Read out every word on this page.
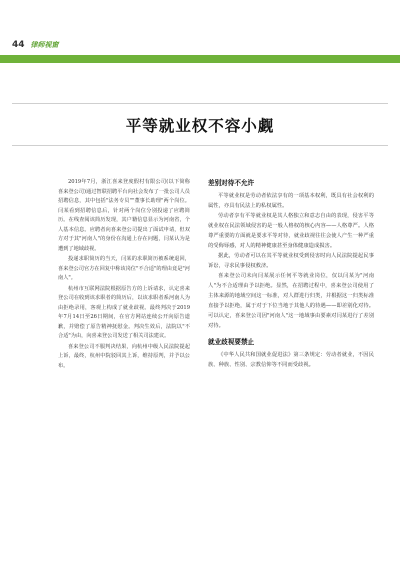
44 律师视窗
平等就业权不容小觑

2019年7月，浙江喜来登度假村有限公司(以下简称喜来登公司)通过智联招聘平台向社会发布了一批公司人员招聘信息，其中包括"法务专员""董事长助理"两个岗位。闫某看到招聘信息后，针对两个岗位分别投递了应聘简历。在线查阅该简历发现，其户籍信息显示为河南省，个人基本信息。应聘者向喜来登公司提出了面试申请，但双方对于其"河南人"的身份在沟通上存在问题，闫某认为是遭到了地域歧视。

投递求职简历的当天，闫某的求职简历被系统退回，喜来登公司官方在回复中称该岗位"不合适"的理由竟是"河南人"。

杭州市互联网法院根据原告方的上诉请求，认定喜来登公司在收到该求职者的简历后，以该求职者系河南人为由拒绝录用，客观上构成了就业歧视。最终判决于2019年7月14日至26日期间，在官方网站连续公开向原告道歉，并赔偿了原告精神抚慰金。判决生效后，法院以"不合适"为由，向喜来登公司发送了相关司法建议。

喜来登公司不服判决结果，向杭州中级人民法院提起上诉，最终，杭州中院驳回其上诉，维持原判，并予以公布。

差别对待不允许

平等就业权是劳动者依法享有的一项基本权利，既具有社会权利的属性，亦具有民法上的私权属性。

劳动者享有平等就业权是其人格独立和意志自由的表现，侵害平等就业权在民法领域侵害的是一般人格权的核心内容——人格尊严。人格尊严重要的方面就是要求平等对待，就业歧视往往会使人产生一种严重的受侮辱感，对人的精神健康甚至身体健康造成损害。

据此，劳动者可以在其平等就业权受到侵害时向人民法院提起民事诉讼，寻求民事侵权救济。

喜来登公司未向闫某展示任何平等就业岗位，仅以闫某为"河南人"为不合适理由予以拒绝。显然，在招聘过程中，喜来登公司使用了主体来源的地域空间这一标准，对人群进行归类，并根据这一归类标准直接予以拒绝，属于对于下位当地于其他人的待遇——即差别化对待。可以认定，喜来登公司因"河南人"这一地域事由要素对闫某进行了差别对待。

就业歧视要禁止

《中华人民共和国就业促进法》第三条规定：劳动者就业，不因民族、种族、性别、宗教信仰等不同而受歧视。
